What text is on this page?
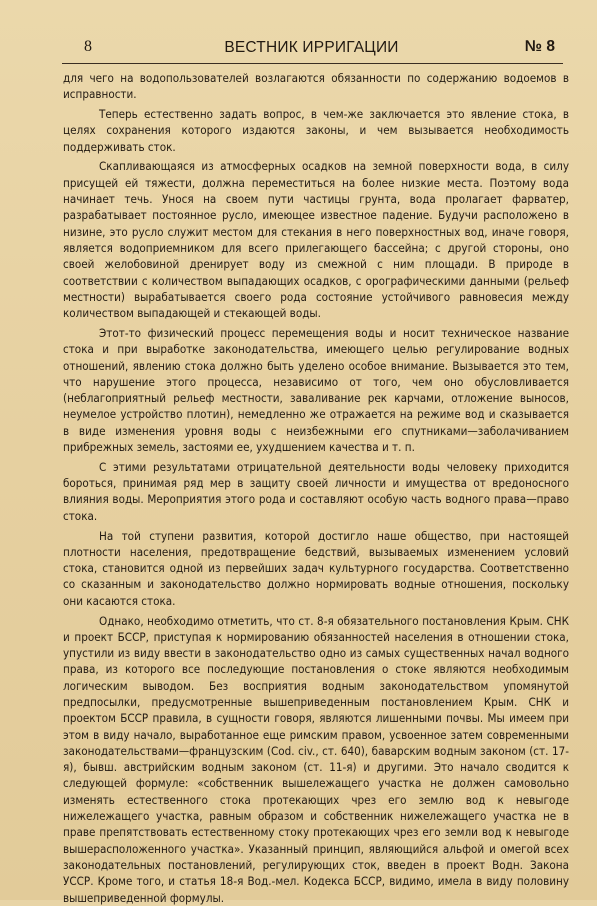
8	ВЕСТНИК ИРРИГАЦИИ	№ 8

для чего на водопользователей возлагаются обязанности по содержанию водоемов в исправности.

Теперь естественно задать вопрос, в чем-же заключается это явление стока, в целях сохранения которого издаются законы, и чем вызывается необходимость поддерживать сток.

Скапливающаяся из атмосферных осадков на земной поверхности вода, в силу присущей ей тяжести, должна переместиться на более низкие места. Поэтому вода начинает течь. Унося на своем пути частицы грунта, вода пролагает фарватер, разрабатывает постоянное русло, имеющее известное падение. Будучи расположено в низине, это русло служит местом для стекания в него поверхностных вод, иначе говоря, является водоприемником для всего прилегающего бассейна; с другой стороны, оно своей желобовиной дренирует воду из смежной с ним площади. В природе в соответствии с количеством выпадающих осадков, с орографическими данными (рельеф местности) вырабатывается своего рода состояние устойчивого равновесия между количеством выпадающей и стекающей воды.

Этот-то физический процесс перемещения воды и носит техническое название стока и при выработке законодательства, имеющего целью регулирование водных отношений, явлению стока должно быть уделено особое внимание. Вызывается это тем, что нарушение этого процесса, независимо от того, чем оно обусловливается (неблагоприятный рельеф местности, заваливание рек карчами, отложение выносов, неумелое устройство плотин), немедленно же отражается на режиме вод и сказывается в виде изменения уровня воды с неизбежными его спутниками—заболачиванием прибрежных земель, застоями ее, ухудшением качества и т. п.

С этими результатами отрицательной деятельности воды человеку приходится бороться, принимая ряд мер в защиту своей личности и имущества от вредоносного влияния воды. Мероприятия этого рода и составляют особую часть водного права—право стока.

На той ступени развития, которой достигло наше общество, при настоящей плотности населения, предотвращение бедствий, вызываемых изменением условий стока, становится одной из первейших задач культурного государства. Соответственно со сказанным и законодательство должно нормировать водные отношения, поскольку они касаются стока.

Однако, необходимо отметить, что ст. 8-я обязательного постановления Крым. СНК и проект БССР, приступая к нормированию обязанностей населения в отношении стока, упустили из виду ввести в законодательство одно из самых существенных начал водного права, из которого все последующие постановления о стоке являются необходимым логическим выводом. Без восприятия водным законодательством упомянутой предпосылки, предусмотренные вышеприведенным постановлением Крым. СНК и проектом БССР правила, в сущности говоря, являются лишенными почвы. Мы имеем при этом в виду начало, выработанное еще римским правом, усвоенное затем современными законодательствами—французским (Cod. civ., ст. 640), баварским водным законом (ст. 17-я), бывш. австрийским водным законом (ст. 11-я) и другими. Это начало сводится к следующей формуле: «собственник вышележащего участка не должен самовольно изменять естественного стока протекающих чрез его землю вод к невыгоде нижележащего участка, равным образом и собственник нижележащего участка не в праве препятствовать естественному стоку протекающих чрез его земли вод к невыгоде вышерасположенного участка». Указанный принцип, являющийся альфой и омегой всех законодательных постановлений, регулирующих сток, введен в проект Водн. Закона УССР. Кроме того, и статья 18-я Вод.-мел. Кодекса БССР, видимо, имела в виду половину вышеприведенной формулы.
